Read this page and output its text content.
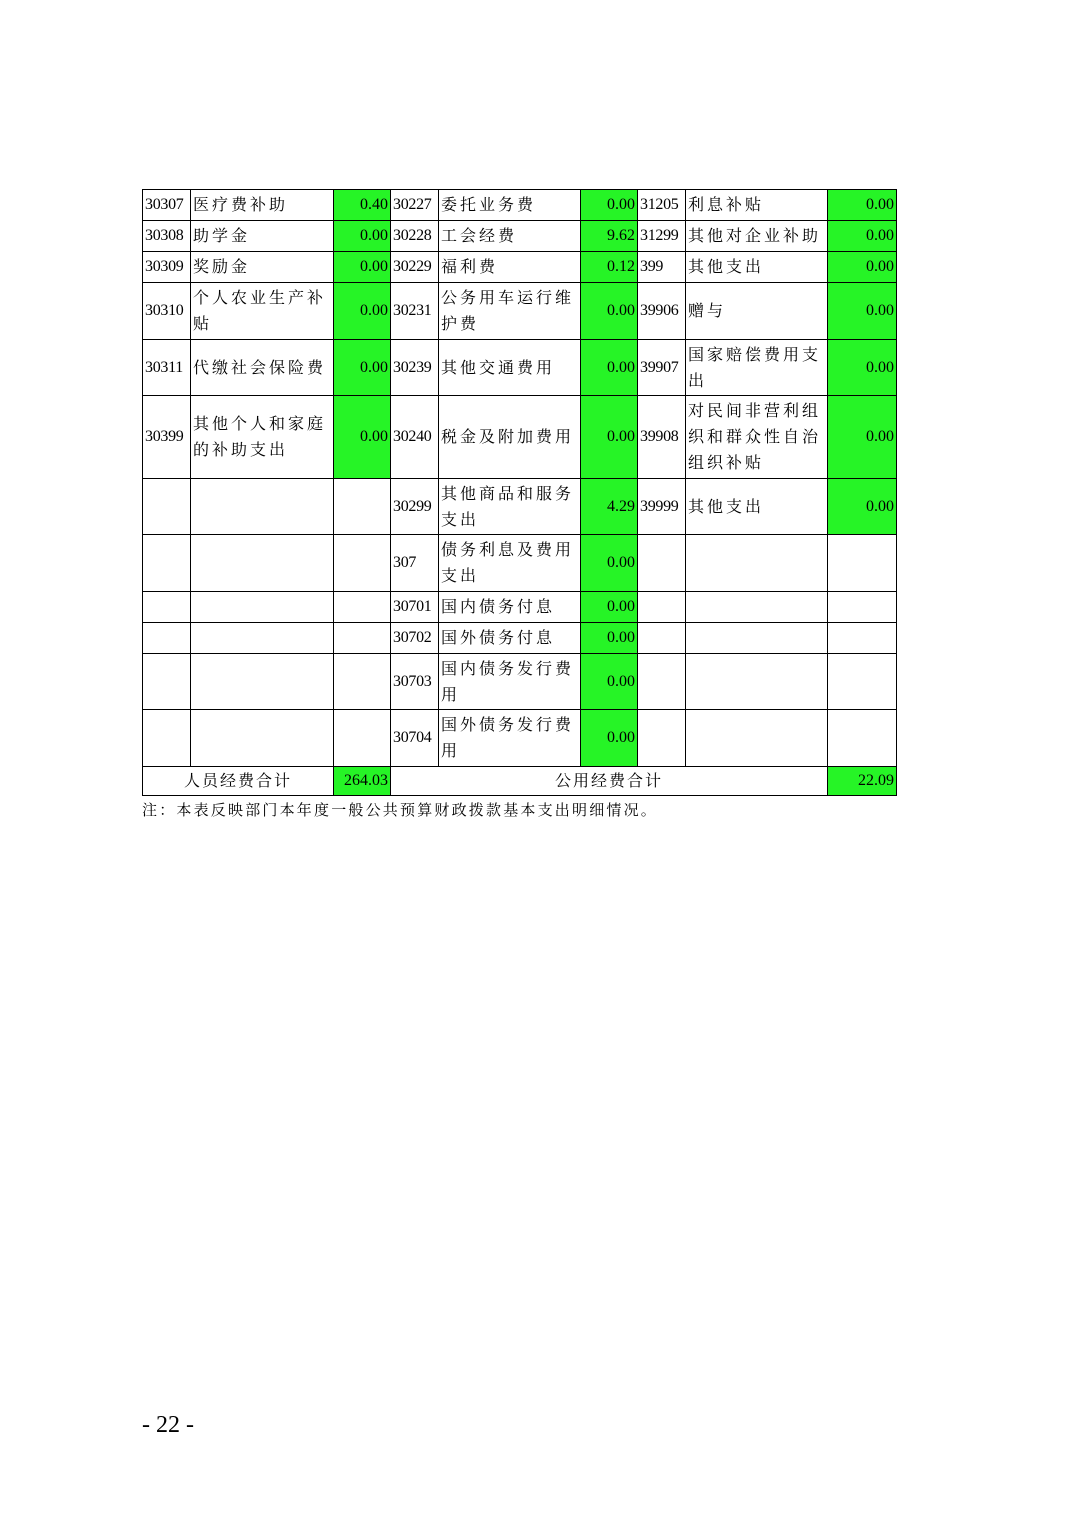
30307	医疗费补助	0.40	30227	委托业务费	0.00	31205	利息补贴	0.00
30308	助学金	0.00	30228	工会经费	9.62	31299	其他对企业补助	0.00
30309	奖励金	0.00	30229	福利费	0.12	399	其他支出	0.00
30310	个人农业生产补贴	0.00	30231	公务用车运行维护费	0.00	39906	赠与	0.00
30311	代缴社会保险费	0.00	30239	其他交通费用	0.00	39907	国家赔偿费用支出	0.00
30399	其他个人和家庭的补助支出	0.00	30240	税金及附加费用	0.00	39908	对民间非营利组织和群众性自治组织补贴	0.00
			30299	其他商品和服务支出	4.29	39999	其他支出	0.00
			307	债务利息及费用支出	0.00			
			30701	国内债务付息	0.00			
			30702	国外债务付息	0.00			
			30703	国内债务发行费用	0.00			
			30704	国外债务发行费用	0.00			
人员经费合计		264.03	公用经费合计					22.09
注：本表反映部门本年度一般公共预算财政拨款基本支出明细情况。
- 22 -
